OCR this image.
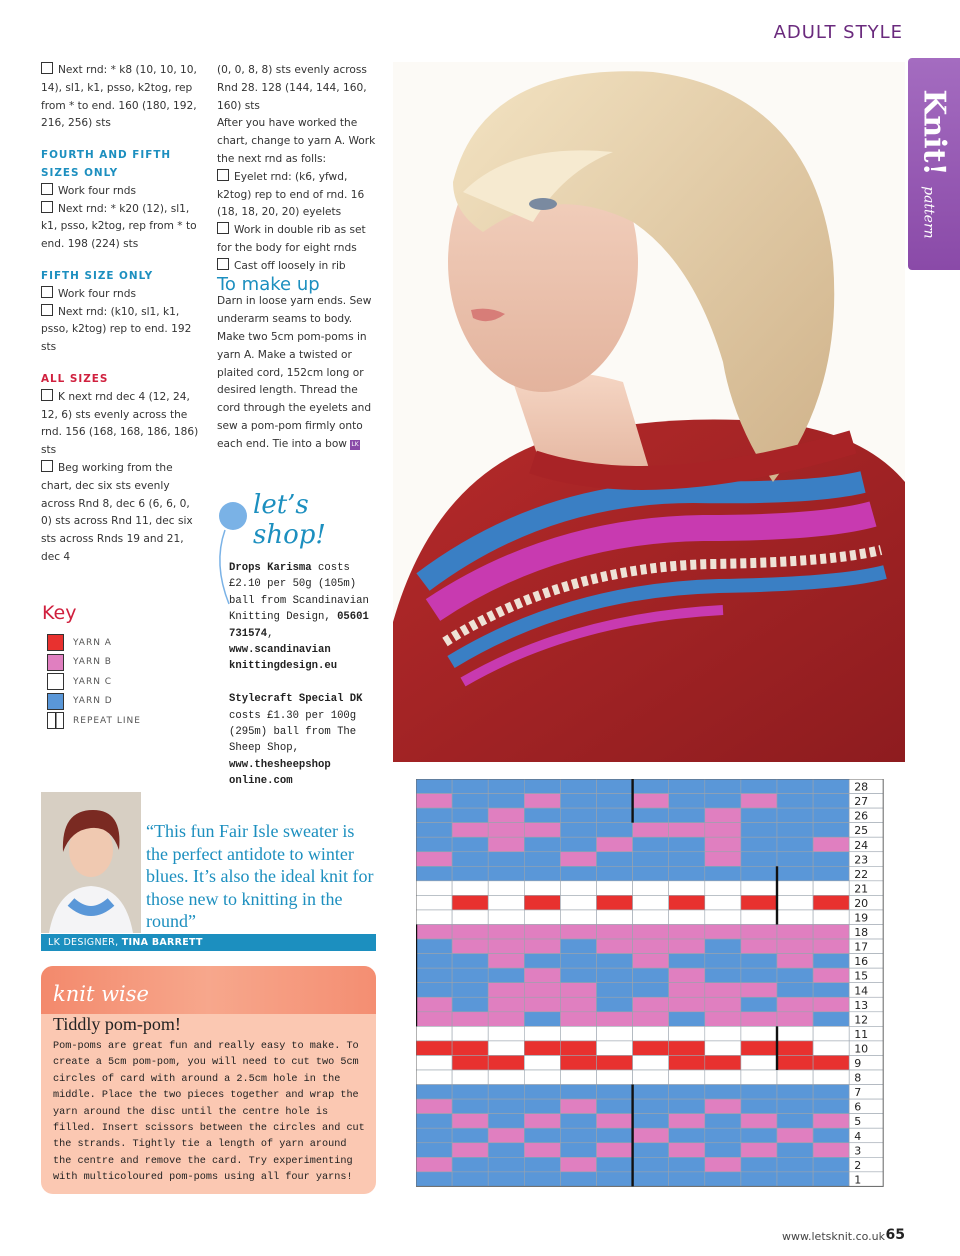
ADULT STYLE
Knit! pattern

Next rnd: * k8 (10, 10, 10, 14), sl1, k1, psso, k2tog, rep from * to end. 160 (180, 192, 216, 256) sts

FOURTH AND FIFTH SIZES ONLY

Work four rnds

Next rnd: * k20 (12), sl1, k1, psso, k2tog, rep from * to end. 198 (224) sts

FIFTH SIZE ONLY

Work four rnds

Next rnd: (k10, sl1, k1, psso, k2tog) rep to end. 192 sts

ALL SIZES

K next rnd dec 4 (12, 24, 12, 6) sts evenly across the rnd. 156 (168, 168, 186, 186) sts

Beg working from the chart, dec six sts evenly across Rnd 8, dec 6 (6, 6, 0, 0) sts across Rnd 11, dec six sts across Rnds 19 and 21, dec 4

(0, 0, 8, 8) sts evenly across Rnd 28. 128 (144, 144, 160, 160) sts

After you have worked the chart, change to yarn A. Work the next rnd as folls:

Eyelet rnd: (k6, yfwd, k2tog) rep to end of rnd. 16 (18, 18, 20, 20) eyelets

Work in double rib as set for the body for eight rnds

Cast off loosely in rib

To make up

Darn in loose yarn ends. Sew underarm seams to body. Make two 5cm pom-poms in yarn A. Make a twisted or plaited cord, 152cm long or desired length. Thread the cord through the eyelets and sew a pom-pom firmly onto each end. Tie into a bow LK

Key
YARN A
YARN B
YARN C
YARN D
REPEAT LINE
let’s shop!
Drops Karisma costs £2.10 per 50g (105m) ball from Scandinavian Knitting Design, 05601 731574,
www.scandinavian knittingdesign.eu

Stylecraft Special DK costs £1.30 per 100g (295m) ball from The Sheep Shop,
www.thesheepshop online.com
“This fun Fair Isle sweater is the perfect antidote to winter blues. It’s also the ideal knit for those new to knitting in the round”
LK DESIGNER, TINA BARRETT
knit wise
Tiddly pom-pom!
Pom-poms are great fun and really easy to make. To create a 5cm pom-pom, you will need to cut two 5cm circles of card with around a 2.5cm hole in the middle. Place the two pieces together and wrap the yarn around the disc until the centre hole is filled. Insert scissors between the circles and cut the strands. Tightly tie a length of yarn around the centre and remove the card. Try experimenting with multicoloured pom-poms using all four yarns!
28
27
26
25
24
23
22
21
20
19
18
17
16
15
14
13
12
11
10
9
8
7
6
5
4
3
2
1
www.letsknit.co.uk 65
